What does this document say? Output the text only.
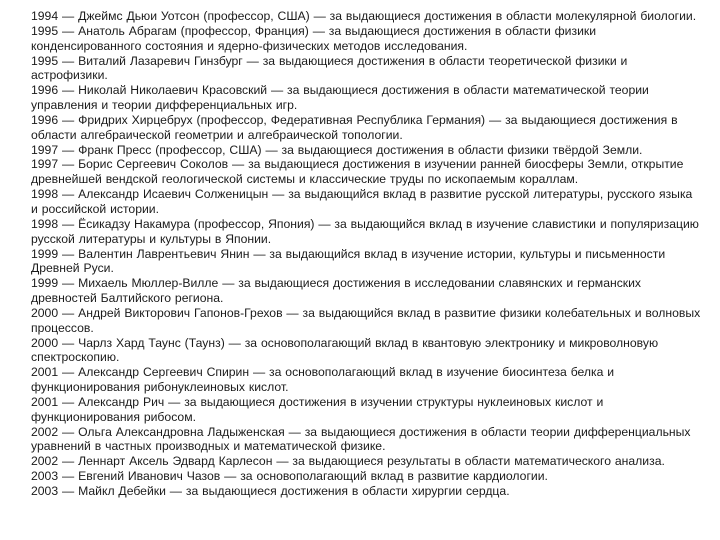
1994 — Джеймс Дьюи Уотсон (профессор, США) — за выдающиеся достижения в области молекулярной биологии.

1995 — Анатоль Абрагам (профессор, Франция) — за выдающиеся достижения в области физики конденсированного состояния и ядерно-физических методов исследования.

1995 — Виталий Лазаревич Гинзбург — за выдающиеся достижения в области теоретической физики и астрофизики.

1996 — Николай Николаевич Красовский — за выдающиеся достижения в области математической теории управления и теории дифференциальных игр.

1996 — Фридрих Хирцебрух (профессор, Федеративная Республика Германия) — за выдающиеся достижения в области алгебраической геометрии и алгебраической топологии.

1997 — Франк Пресс (профессор, США) — за выдающиеся достижения в области физики твёрдой Земли.

1997 — Борис Сергеевич Соколов — за выдающиеся достижения в изучении ранней биосферы Земли, открытие древнейшей вендской геологической системы и классические труды по ископаемым кораллам.

1998 — Александр Исаевич Солженицын — за выдающийся вклад в развитие русской литературы, русского языка и российской истории.

1998 — Ёсикадзу Накамура (профессор, Япония) — за выдающийся вклад в изучение славистики и популяризацию русской литературы и культуры в Японии.

1999 — Валентин Лаврентьевич Янин — за выдающийся вклад в изучение истории, культуры и письменности Древней Руси.

1999 — Михаель Мюллер-Вилле — за выдающиеся достижения в исследовании славянских и германских древностей Балтийского региона.

2000 — Андрей Викторович Гапонов-Грехов — за выдающийся вклад в развитие физики колебательных и волновых процессов.

2000 — Чарлз Хард Таунс (Таунз) — за основополагающий вклад в квантовую электронику и микроволновую спектроскопию.

2001 — Александр Сергеевич Спирин — за основополагающий вклад в изучение биосинтеза белка и функционирования рибонуклеиновых кислот.

2001 — Александр Рич — за выдающиеся достижения в изучении структуры нуклеиновых кислот и функционирования рибосом.

2002 — Ольга Александровна Ладыженская — за выдающиеся достижения в области теории дифференциальных уравнений в частных производных и математической физике.

2002 — Леннарт Аксель Эдвард Карлесон — за выдающиеся результаты в области математического анализа.

2003 — Евгений Иванович Чазов — за основополагающий вклад в развитие кардиологии.

2003 — Майкл Дебейки — за выдающиеся достижения в области хирургии сердца.
